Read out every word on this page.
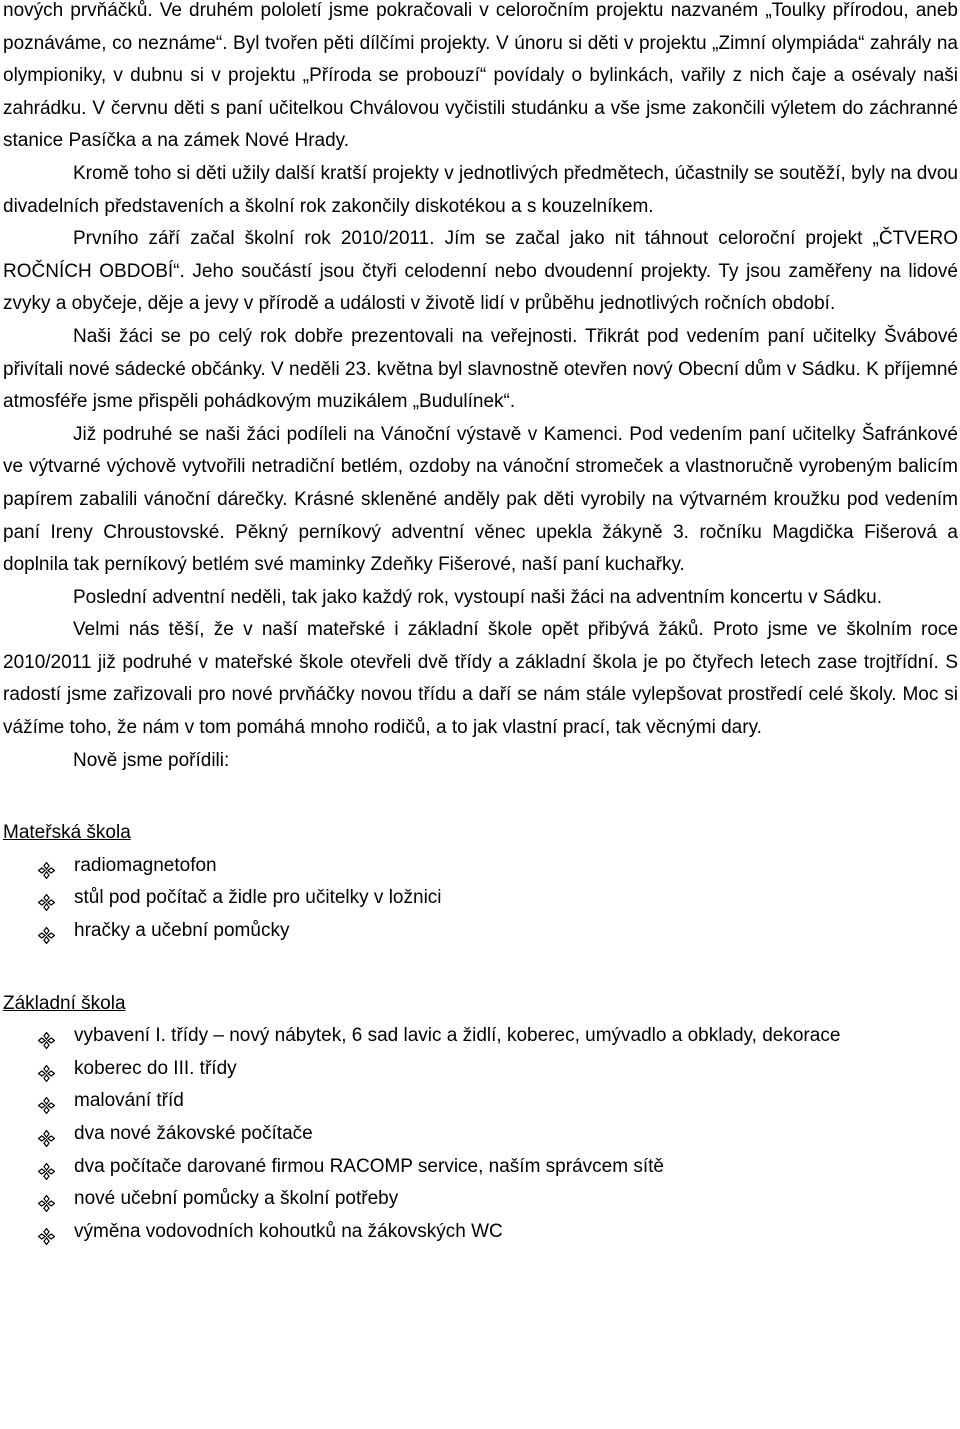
nových prvňáčků. Ve druhém pololetí jsme pokračovali v celoročním projektu nazvaném „Toulky přírodou, aneb poznáváme, co neznáme“. Byl tvořen pěti dílčími projekty. V únoru si děti v projektu „Zimní olympiáda“ zahrály na olympioniky, v dubnu si v projektu „Příroda se probouzí“ povídaly o bylinkách, vařily z nich čaje a osévaly naši zahrádku. V červnu děti s paní učitelkou Chválovou vyčistili studánku a vše jsme zakončili výletem do záchranné stanice Pasíčka a na zámek Nové Hrady.

Kromě toho si děti užily další kratší projekty v jednotlivých předmětech, účastnily se soutěží, byly na dvou divadelních představeních a školní rok zakončily diskotékou a s kouzelníkem.

Prvního září začal školní rok 2010/2011. Jím se začal jako nit táhnout celoroční projekt „ČTVERO ROČNÍCH OBDOBÍ“. Jeho součástí jsou čtyři celodenní nebo dvoudenní projekty. Ty jsou zaměřeny na lidové zvyky a obyčeje, děje a jevy v přírodě a události v životě lidí v průběhu jednotlivých ročních období.

Naši žáci se po celý rok dobře prezentovali na veřejnosti. Třikrát pod vedením paní učitelky Švábové přivítali nové sádecké občánky. V neděli 23. května byl slavnostně otevřen nový Obecní dům v Sádku. K příjemné atmosféře jsme přispěli pohádkovým muzikálem „Budulínek“.

Již podruhé se naši žáci podíleli na Vánoční výstavě v Kamenci. Pod vedením paní učitelky Šafránkové ve výtvarné výchově vytvořili netradiční betlém, ozdoby na vánoční stromeček a vlastnoručně vyrobeným balicím papírem zabalili vánoční dárečky. Krásné skleněné anděly pak děti vyrobily na výtvarném kroužku pod vedením paní Ireny Chroustovské. Pěkný perníkový adventní věnec upekla žákyně 3. ročníku Magdička Fišerová a doplnila tak perníkový betlém své maminky Zdeňky Fišerové, naší paní kuchařky.

Poslední adventní neděli, tak jako každý rok, vystoupí naši žáci na adventním koncertu v Sádku.

Velmi nás těší, že v naší mateřské i základní škole opět přibývá žáků. Proto jsme ve školním roce 2010/2011 již podruhé v mateřské škole otevřeli dvě třídy a základní škola je po čtyřech letech zase trojtřídní. S radostí jsme zařizovali pro nové prvňáčky novou třídu a daří se nám stále vylepšovat prostředí celé školy. Moc si vážíme toho, že nám v tom pomáhá mnoho rodičů, a to jak vlastní prací, tak věcnými dary.

Nově jsme pořídili:

Mateřská škola

radiomagnetofon
stůl pod počítač a židle pro učitelky v ložnici
hračky a učební pomůcky

Základní škola

vybavení I. třídy – nový nábytek, 6 sad lavic a židlí, koberec, umývadlo a obklady, dekorace
koberec do III. třídy
malování tříd
dva nové žákovské počítače
dva počítače darované firmou RACOMP service, naším správcem sítě
nové učební pomůcky a školní potřeby
výměna vodovodních kohoutků na žákovských WC
